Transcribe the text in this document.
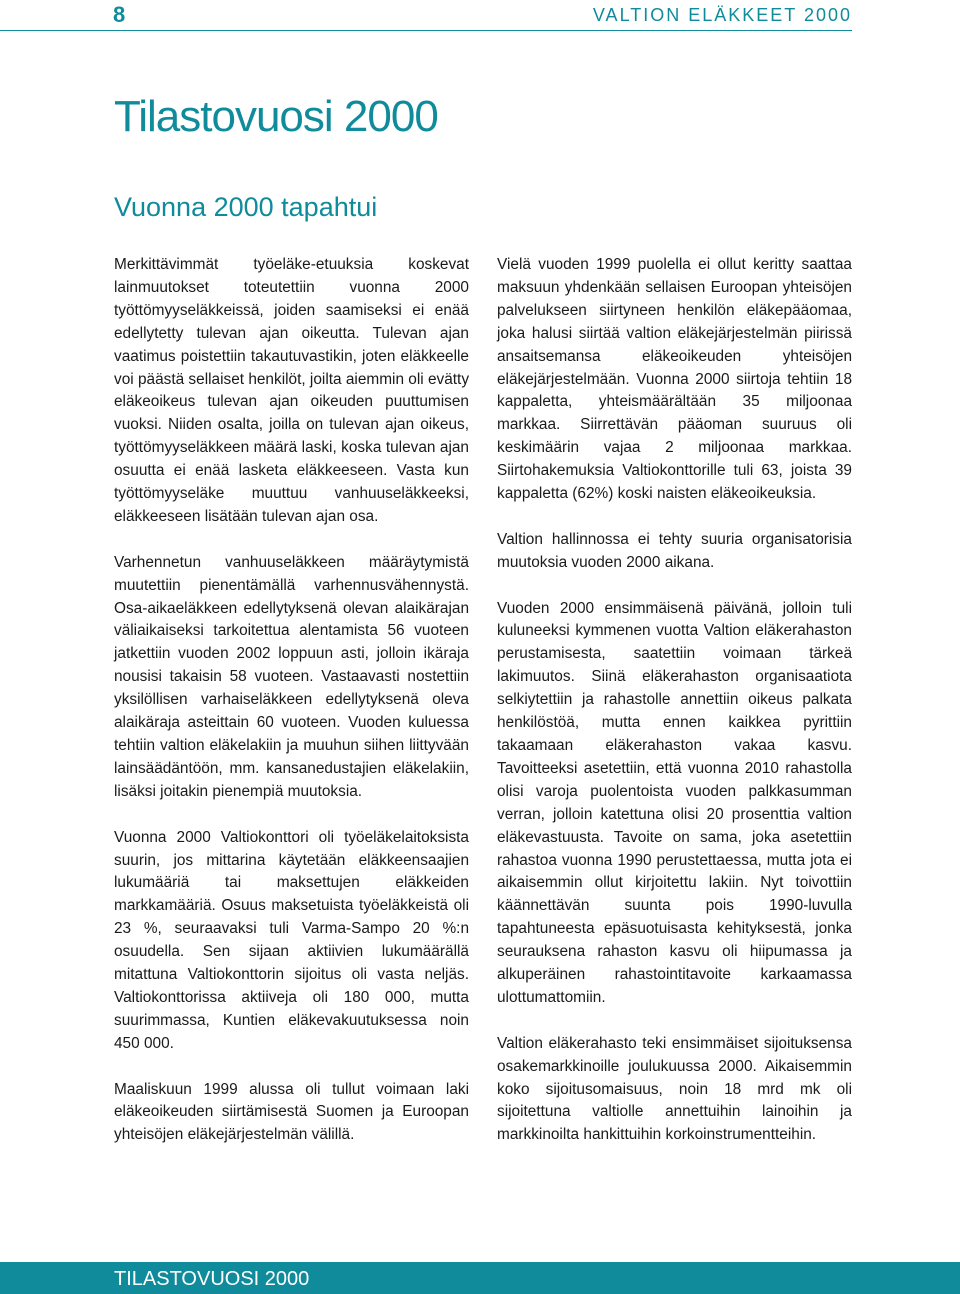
8	VALTION ELÄKKEET 2000
Tilastovuosi 2000
Vuonna 2000 tapahtui

Merkittävimmät työeläke-etuuksia koskevat lainmuutokset toteutettiin vuonna 2000 työttömyyseläkkeissä, joiden saamiseksi ei enää edellytetty tulevan ajan oikeutta. Tulevan ajan vaatimus poistettiin takautuvastikin, joten eläkkeelle voi päästä sellaiset henkilöt, joilta aiemmin oli evätty eläkeoikeus tulevan ajan oikeuden puuttumisen vuoksi. Niiden osalta, joilla on tulevan ajan oikeus, työttömyyseläkkeen määrä laski, koska tulevan ajan osuutta ei enää lasketa eläkkeeseen. Vasta kun työttömyyseläke muuttuu vanhuuseläkkeeksi, eläkkeeseen lisätään tulevan ajan osa.

Varhennetun vanhuuseläkkeen määräytymistä muutettiin pienentämällä varhennusvähennystä. Osa-aikaeläkkeen edellytyksenä olevan alaikärajan väliaikaiseksi tarkoitettua alentamista 56 vuoteen jatkettiin vuoden 2002 loppuun asti, jolloin ikäraja nousisi takaisin 58 vuoteen. Vastaavasti nostettiin yksilöllisen varhaiseläkkeen edellytyksenä oleva alaikäraja asteittain 60 vuoteen. Vuoden kuluessa tehtiin valtion eläkelakiin ja muuhun siihen liittyvään lainsäädäntöön, mm. kansanedustajien eläkelakiin, lisäksi joitakin pienempiä muutoksia.

Vuonna 2000 Valtiokonttori oli työeläkelaitoksista suurin, jos mittarina käytetään eläkkeensaajien lukumääriä tai maksettujen eläkkeiden markkamääriä. Osuus maksetuista työeläkkeistä oli 23 %, seuraavaksi tuli Varma-Sampo 20 %:n osuudella. Sen sijaan aktiivien lukumäärällä mitattuna Valtiokonttorin sijoitus oli vasta neljäs. Valtiokonttorissa aktiiveja oli 180 000, mutta suurimmassa, Kuntien eläkevakuutuksessa noin 450 000.

Maaliskuun 1999 alussa oli tullut voimaan laki eläkeoikeuden siirtämisestä Suomen ja Euroopan yhteisöjen eläkejärjestelmän välillä.

Vielä vuoden 1999 puolella ei ollut keritty saattaa maksuun yhdenkään sellaisen Euroopan yhteisöjen palvelukseen siirtyneen henkilön eläkepääomaa, joka halusi siirtää valtion eläkejärjestelmän piirissä ansaitsemansa eläkeoikeuden yhteisöjen eläkejärjestelmään. Vuonna 2000 siirtoja tehtiin 18 kappaletta, yhteismäärältään 35 miljoonaa markkaa. Siirrettävän pääoman suuruus oli keskimäärin vajaa 2 miljoonaa markkaa. Siirtohakemuksia Valtiokonttorille tuli 63, joista 39 kappaletta (62%) koski naisten eläkeoikeuksia.

Valtion hallinnossa ei tehty suuria organisatorisia muutoksia vuoden 2000 aikana.

Vuoden 2000 ensimmäisenä päivänä, jolloin tuli kuluneeksi kymmenen vuotta Valtion eläkerahaston perustamisesta, saatettiin voimaan tärkeä lakimuutos. Siinä eläkerahaston organisaatiota selkiytettiin ja rahastolle annettiin oikeus palkata henkilöstöä, mutta ennen kaikkea pyrittiin takaamaan eläkerahaston vakaa kasvu. Tavoitteeksi asetettiin, että vuonna 2010 rahastolla olisi varoja puolentoista vuoden palkkasumman verran, jolloin katettuna olisi 20 prosenttia valtion eläkevastuusta. Tavoite on sama, joka asetettiin rahastoa vuonna 1990 perustettaessa, mutta jota ei aikaisemmin ollut kirjoitettu lakiin. Nyt toivottiin käännettävän suunta pois 1990-luvulla tapahtuneesta epäsuotuisasta kehityksestä, jonka seurauksena rahaston kasvu oli hiipumassa ja alkuperäinen rahastointitavoite karkaamassa ulottumattomiin.

Valtion eläkerahasto teki ensimmäiset sijoituksensa osakemarkkinoille joulukuussa 2000. Aikaisemmin koko sijoitusomaisuus, noin 18 mrd mk oli sijoitettuna valtiolle annettuihin lainoihin ja markkinoilta hankittuihin korkoinstrumentteihin.

TILASTOVUOSI 2000
